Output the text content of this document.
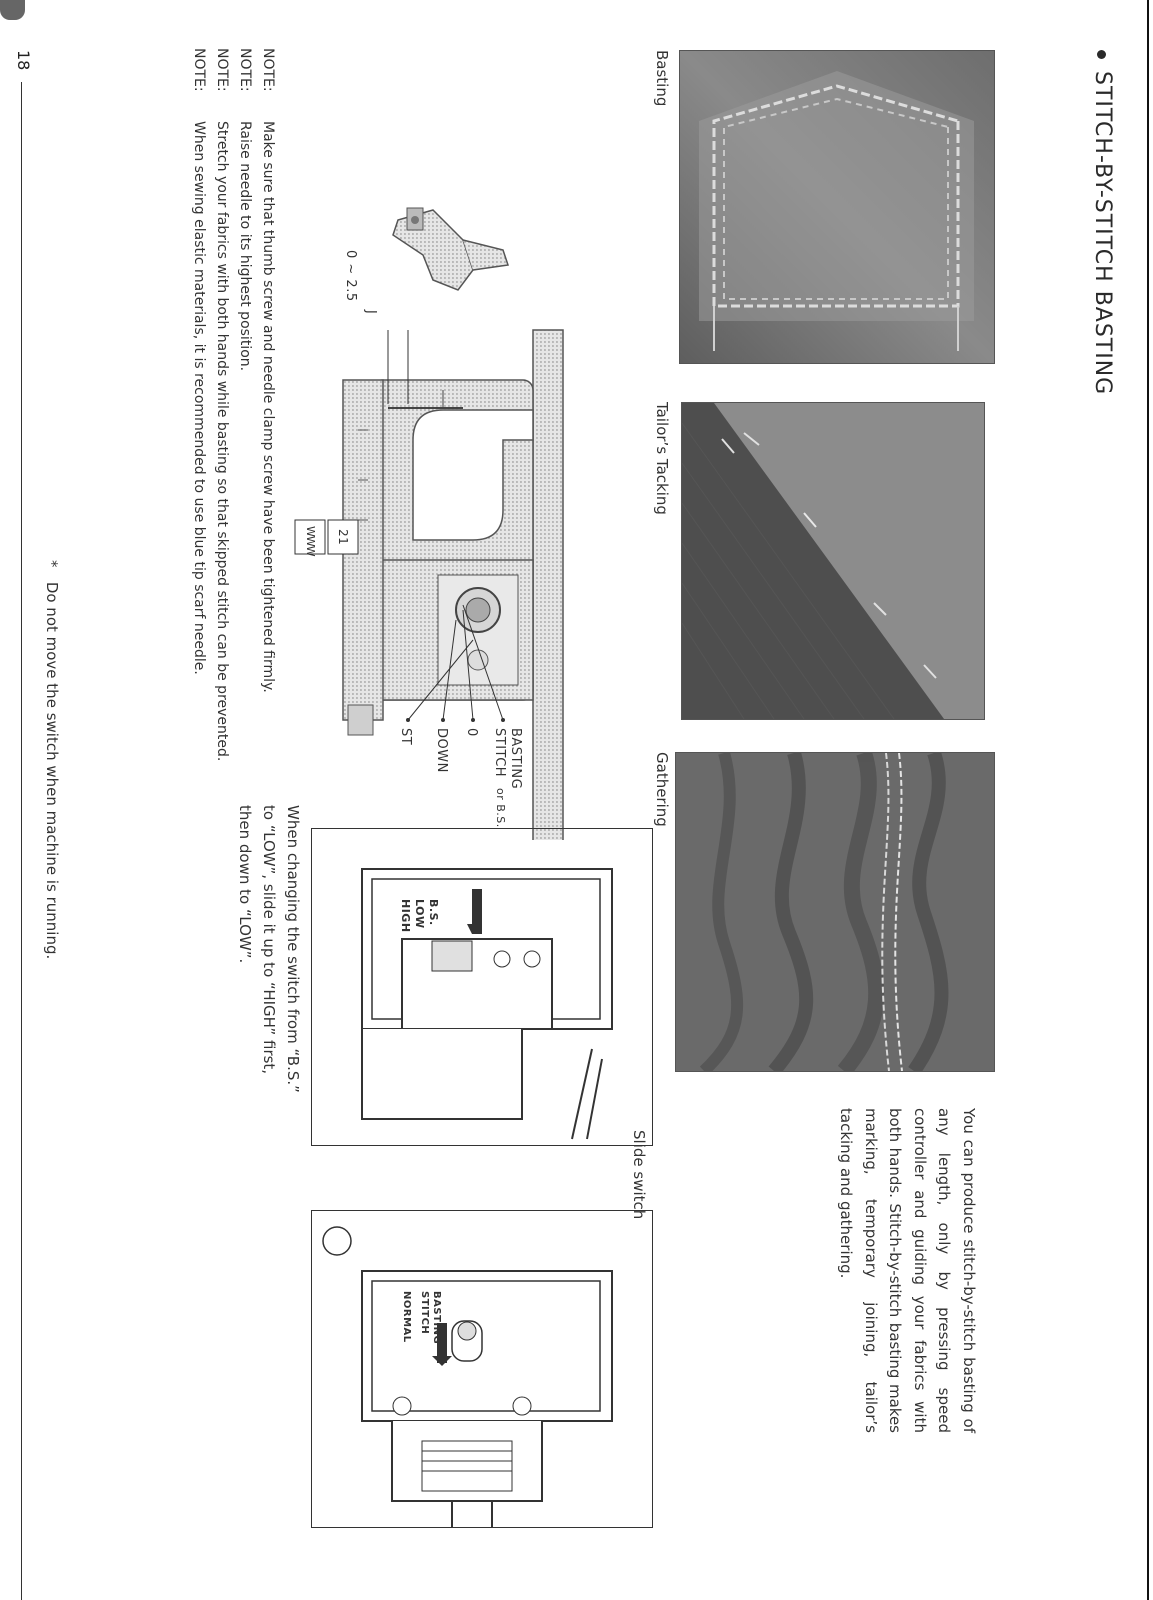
STITCH-BY-STITCH BASTING
Basting
Tailor’s Tacking
Gathering
You can produce stitch-by-stitch basting of any length, only by pressing speed controller and guiding your fabrics with both hands. Stitch-by-stitch basting makes marking, temporary joining, tailor’s tacking and gathering.
0 ~ 2.5
J
21
WWW
ST DOWN 0	BASTING STITCH
or B.S.
HIGH LOW B.S.
Slide switch
NORMAL	BASTING STITCH
When changing the switch from “B.S.” to “LOW”, slide it up to “HIGH” first, then down to “LOW”.
NOTE:
Make sure that thumb screw and needle clamp screw have been tightened firmly.
NOTE:
Raise needle to its highest position.
NOTE:
Stretch your fabrics with both hands while basting so that skipped stitch can be prevented.
NOTE:
When sewing elastic materials, it is recommended to use blue tip scarf needle.
*   Do not move the switch when machine is running.
18
